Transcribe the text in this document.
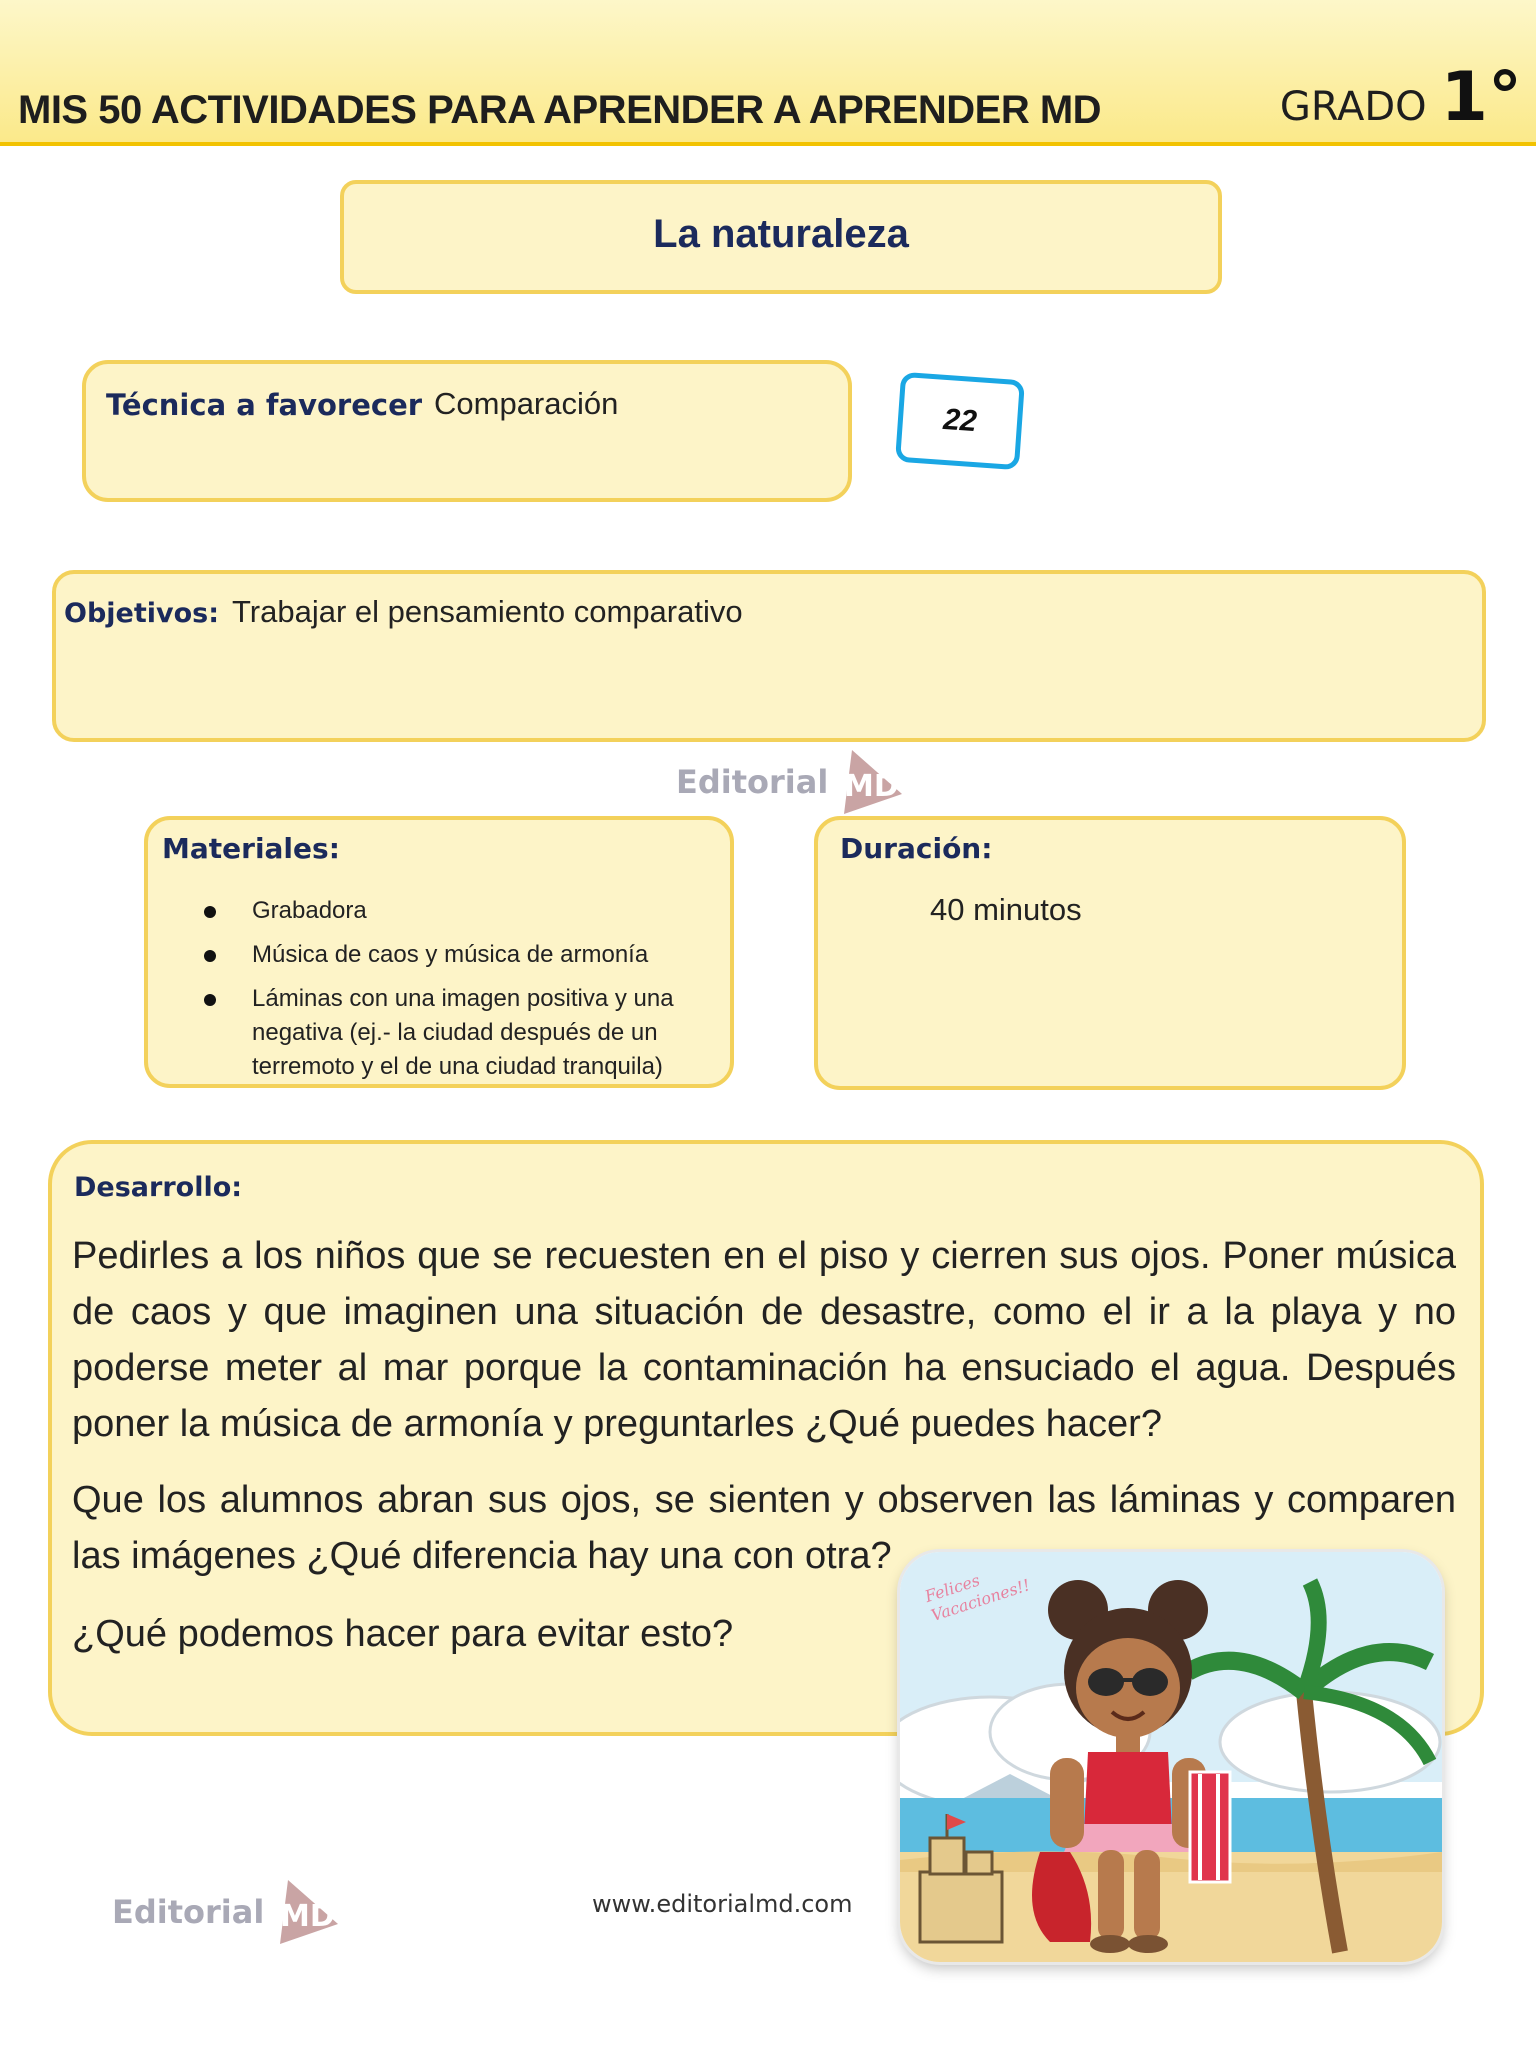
MIS 50 ACTIVIDADES PARA APRENDER A APRENDER MD	GRADO 1°
La naturaleza
Técnica a favorecer Comparación	22
Objetivos: Trabajar el pensamiento comparativo
Editorial MD
Materiales:
Grabadora
Música de caos y música de armonía
Láminas con una imagen positiva y una negativa (ej.- la ciudad después de un terremoto y el de una ciudad tranquila)
Duración:
40 minutos
Desarrollo:

Pedirles a los niños que se recuesten en el piso y cierren sus ojos. Poner música de caos y que imaginen una situación de desastre, como el ir a la playa y no poderse meter al mar porque la contaminación ha ensuciado el agua. Después poner la música de armonía y preguntarles ¿Qué puedes hacer?

Que los alumnos abran sus ojos, se sienten y observen las láminas y comparen las imágenes ¿Qué diferencia hay una con otra?

¿Qué podemos hacer para evitar esto?

Felices Vacaciones!!
Editorial MD	www.editorialmd.com
